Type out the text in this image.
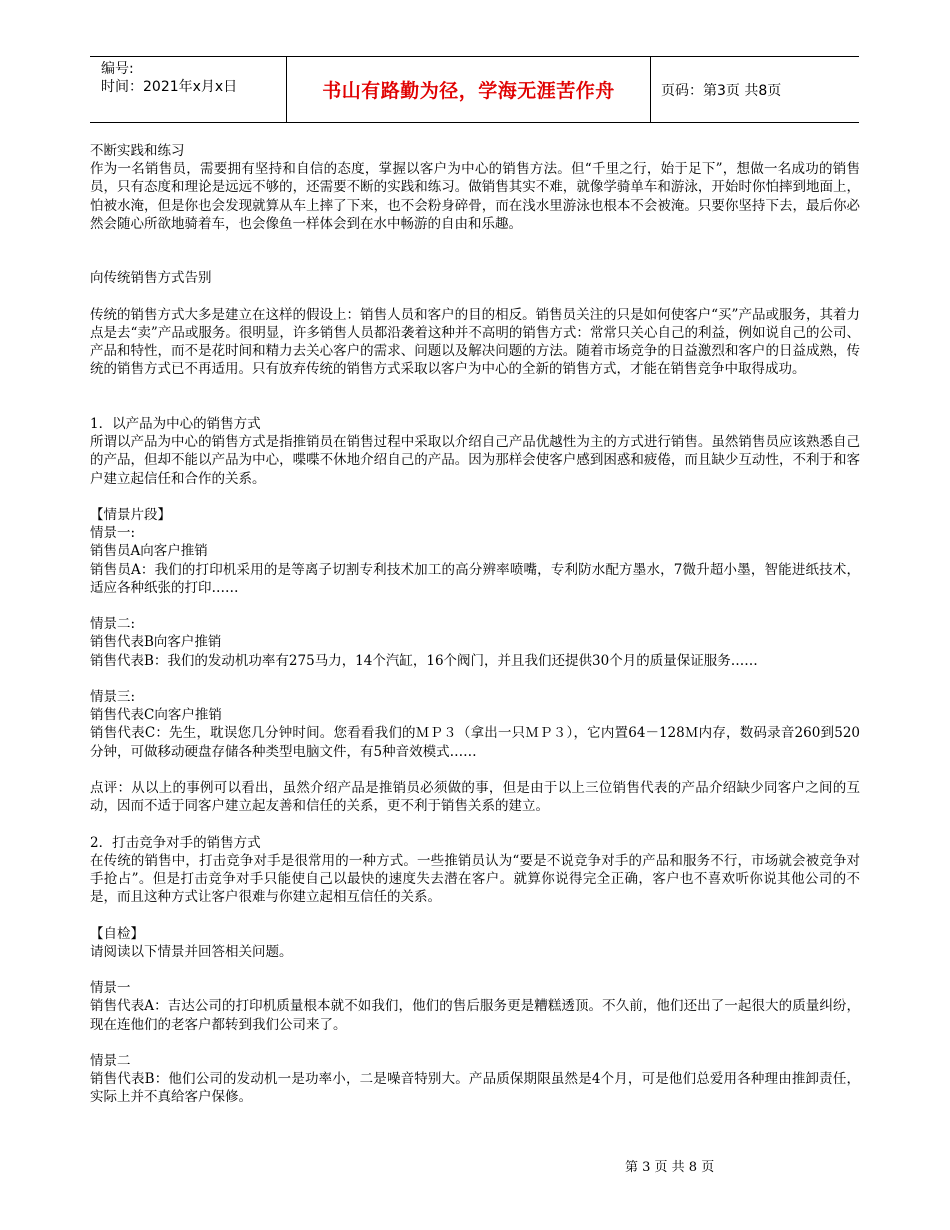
编号:
时间：2021年x月x日	书山有路勤为径，学海无涯苦作舟	页码：第3页 共8页

不断实践和练习

作为一名销售员，需要拥有坚持和自信的态度，掌握以客户为中心的销售方法。但“千里之行，始于足下”，想做一名成功的销售员，只有态度和理论是远远不够的，还需要不断的实践和练习。做销售其实不难，就像学骑单车和游泳，开始时你怕摔到地面上，怕被水淹，但是你也会发现就算从车上摔了下来，也不会粉身碎骨，而在浅水里游泳也根本不会被淹。只要你坚持下去，最后你必然会随心所欲地骑着车，也会像鱼一样体会到在水中畅游的自由和乐趣。

向传统销售方式告别

传统的销售方式大多是建立在这样的假设上：销售人员和客户的目的相反。销售员关注的只是如何使客户“买”产品或服务，其着力点是去“卖”产品或服务。很明显，许多销售人员都沿袭着这种并不高明的销售方式：常常只关心自己的利益，例如说自己的公司、产品和特性，而不是花时间和精力去关心客户的需求、问题以及解决问题的方法。随着市场竞争的日益激烈和客户的日益成熟，传统的销售方式已不再适用。只有放弃传统的销售方式采取以客户为中心的全新的销售方式，才能在销售竞争中取得成功。

1．以产品为中心的销售方式

所谓以产品为中心的销售方式是指推销员在销售过程中采取以介绍自己产品优越性为主的方式进行销售。虽然销售员应该熟悉自己的产品，但却不能以产品为中心，喋喋不休地介绍自己的产品。因为那样会使客户感到困惑和疲倦，而且缺少互动性，不利于和客户建立起信任和合作的关系。

【情景片段】

情景一:

销售员A向客户推销

销售员A：我们的打印机采用的是等离子切割专利技术加工的高分辨率喷嘴，专利防水配方墨水，7微升超小墨，智能进纸技术，适应各种纸张的打印……

情景二:

销售代表B向客户推销

销售代表B：我们的发动机功率有275马力，14个汽缸，16个阀门，并且我们还提供30个月的质量保证服务……

情景三:

销售代表C向客户推销

销售代表C：先生，耽误您几分钟时间。您看看我们的ＭＰ３（拿出一只ＭＰ３），它内置64－128Ｍ内存，数码录音260到520分钟，可做移动硬盘存储各种类型电脑文件，有5种音效模式……

点评：从以上的事例可以看出，虽然介绍产品是推销员必须做的事，但是由于以上三位销售代表的产品介绍缺少同客户之间的互动，因而不适于同客户建立起友善和信任的关系，更不利于销售关系的建立。

2．打击竞争对手的销售方式

在传统的销售中，打击竞争对手是很常用的一种方式。一些推销员认为“要是不说竞争对手的产品和服务不行，市场就会被竞争对手抢占”。但是打击竞争对手只能使自己以最快的速度失去潜在客户。就算你说得完全正确，客户也不喜欢听你说其他公司的不是，而且这种方式让客户很难与你建立起相互信任的关系。

【自检】

请阅读以下情景并回答相关问题。

情景一

销售代表A：吉达公司的打印机质量根本就不如我们，他们的售后服务更是糟糕透顶。不久前，他们还出了一起很大的质量纠纷，现在连他们的老客户都转到我们公司来了。

情景二

销售代表B：他们公司的发动机一是功率小，二是噪音特别大。产品质保期限虽然是4个月，可是他们总爱用各种理由推卸责任，实际上并不真给客户保修。

第 3 页 共 8 页
